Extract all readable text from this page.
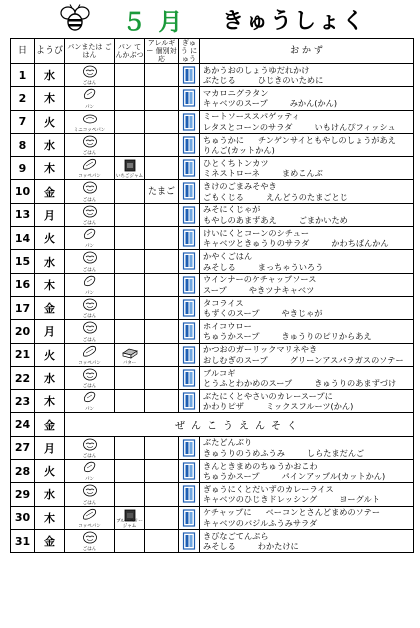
５ 月 きゅうしょく
日	ようび	パンまたは ごはん	パン てんかぶつ	アレルギー 個別対応	ぎゅう にゅう	お か ず
1	水	ごはん				あかうおのしょうゆだれかけ
ぶたじる ひじきのいために

2	木	パン				マカロニグラタン
キャベツのスープ みかん(かん)

7	火	ミニコッペパン				ミートソーススパゲッティ
レタスとコーンのサラダ いもけんぴフィッシュ

8	水	ごはん				ちゅうかに チンゲンサイともやしのしょうがあえ
りんご(カットかん)

9	木	コッペパン	いちごジャム			ひとくちトンカツ
ミネストローネ まめこんぶ

10	金	ごはん		たまご		きけのごまみそやき
ごもくじる えんどうのたまごとじ

13	月	ごはん				みそにくじゃが
もやしのあまずあえ ごまかいため

14	火	パン				けいにくとコーンのシチュー
キャベツときゅうりのサラダ かわちばんかん

15	水	ごはん				かやくごはん
みそしる まっちゃういろう

16	木	パン				ウインナーのケチャップソース
スープ やきツナキャベツ

17	金	ごはん				タコライス
もずくのスープ やきじゃが

20	月	ごはん				ホイコウロー
ちゅうかスープ きゅうりのピリからあえ

21	火	コッペパン	バター			かつおのガーリックマリネやき
おしむぎのスープ グリーンアスパラガスのソテー

22	水	ごはん				ブルコギ
とうふとわかめのスープ きゅうりのあまずづけ

23	木	パン				ぶたにくとやさいのカレースープに
かわりピザ ミックスフルーツ(かん)

24	金	ぜんこうえんそく				
27	月	ごはん				ぶたどんぶり
きゅうりのうめふうみ しらたまだんご

28	火	パン				きんときまめのちゅうかおこわ
ちゅうかスープ パインアップル(カットかん)

29	水	ごはん				ぎゅうにくとだいずのカレーライス
キャベツのひじきドレッシング ヨーグルト

30	木	コッペパン	ブルーベリージャム			ケチャップに ベーコンとさんどまめのソテー
キャベツのバジルふうみサラダ

31	金	ごはん				きびなごてんぷら
みそしる わかたけに
